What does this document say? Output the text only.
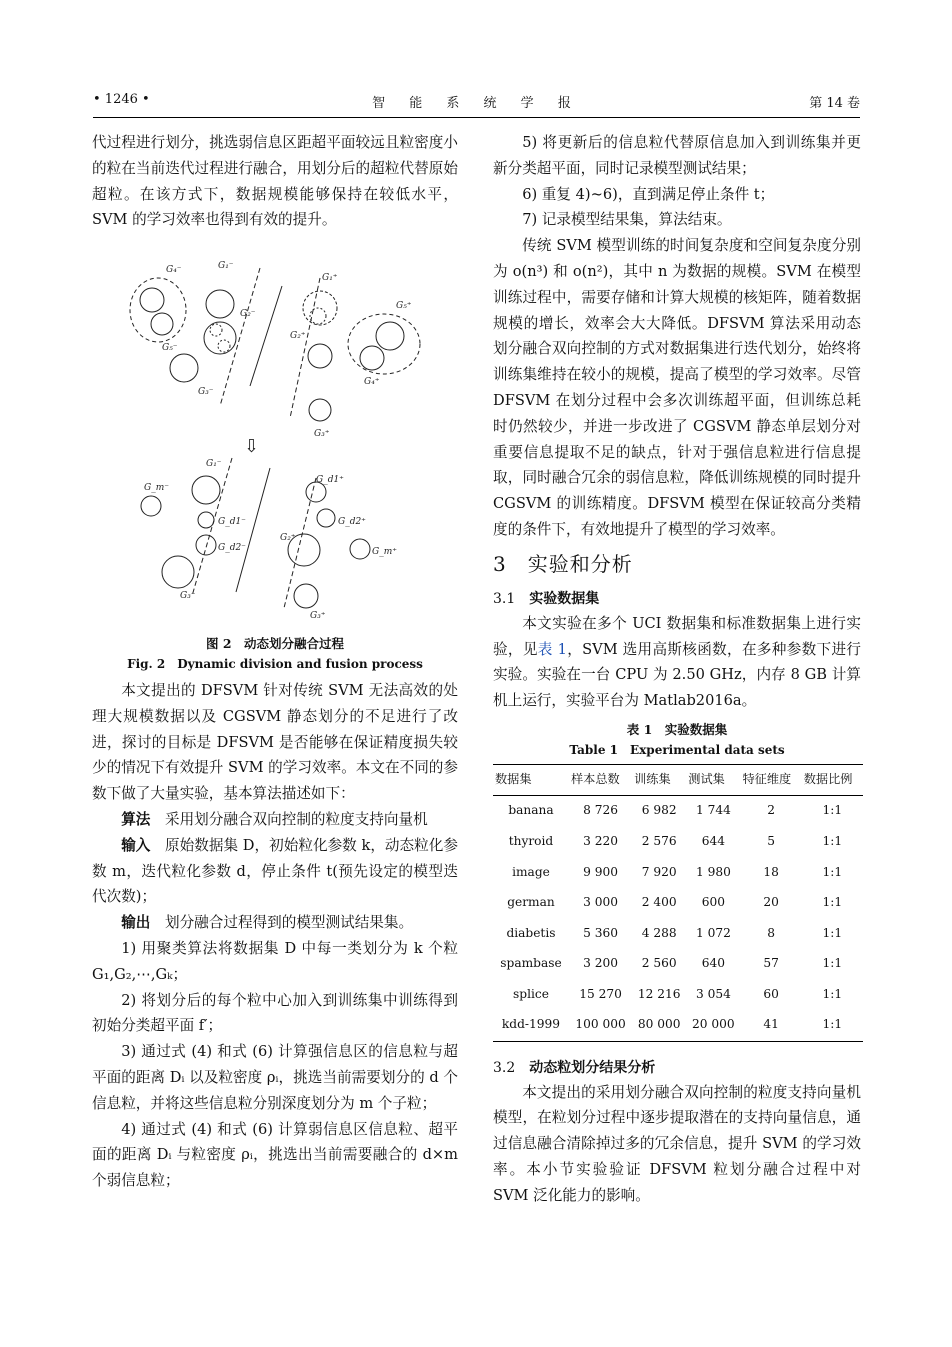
• 1246 •	智 能 系 统 学 报	第 14 卷

代过程进行划分，挑选弱信息区距超平面较远且粒密度小的粒在当前迭代过程进行融合，用划分后的超粒代替原始超粒。在该方式下，数据规模能够保持在较低水平，SVM 的学习效率也得到有效的提升。

G₄⁻	G₁⁻
G₁⁺
G₂⁻
G₅⁺
G₅⁻
G₂⁺
G₄⁺
G₃⁻
G₃⁺
⇩
G₁⁻
G_m⁻
G_d1⁺
G_d1⁻	G_d2⁺
G_d2⁻
G₂⁺
G_m⁺
G₃⁻
G₃⁺
图 2　动态划分融合过程
Fig. 2　Dynamic division and fusion process

本文提出的 DFSVM 针对传统 SVM 无法高效的处理大规模数据以及 CGSVM 静态划分的不足进行了改进，探讨的目标是 DFSVM 是否能够在保证精度损失较少的情况下有效提升 SVM 的学习效率。本文在不同的参数下做了大量实验，基本算法描述如下：

算法　采用划分融合双向控制的粒度支持向量机

输入　原始数据集 D，初始粒化参数 k，动态粒化参数 m，迭代粒化参数 d，停止条件 t(预先设定的模型迭代次数)；

输出　划分融合过程得到的模型测试结果集。

1) 用聚类算法将数据集 D 中每一类划分为 k 个粒 G₁,G₂,⋯,Gₖ；

2) 将划分后的每个粒中心加入到训练集中训练得到初始分类超平面 f′；

3) 通过式 (4) 和式 (6) 计算强信息区的信息粒与超平面的距离 Dᵢ 以及粒密度 ρᵢ，挑选当前需要划分的 d 个信息粒，并将这些信息粒分别深度划分为 m 个子粒；

4) 通过式 (4) 和式 (6) 计算弱信息区信息粒、超平面的距离 Dᵢ 与粒密度 ρᵢ，挑选出当前需要融合的 d×m 个弱信息粒；

5) 将更新后的信息粒代替原信息加入到训练集并更新分类超平面，同时记录模型测试结果；

6) 重复 4)~6)，直到满足停止条件 t；

7) 记录模型结果集，算法结束。

传统 SVM 模型训练的时间复杂度和空间复杂度分别为 o(n³) 和 o(n²)，其中 n 为数据的规模。SVM 在模型训练过程中，需要存储和计算大规模的核矩阵，随着数据规模的增长，效率会大大降低。DFSVM 算法采用动态划分融合双向控制的方式对数据集进行迭代划分，始终将训练集维持在较小的规模，提高了模型的学习效率。尽管 DFSVM 在划分过程中会多次训练超平面，但训练总耗时仍然较少，并进一步改进了 CGSVM 静态单层划分对重要信息提取不足的缺点，针对于强信息粒进行信息提取，同时融合冗余的弱信息粒，降低训练规模的同时提升 CGSVM 的训练精度。DFSVM 模型在保证较高分类精度的条件下，有效地提升了模型的学习效率。

3　实验和分析
3.1　 实验数据集

本文实验在多个 UCI 数据集和标准数据集上进行实验，见表 1，SVM 选用高斯核函数，在多种参数下进行实验。实验在一台 CPU 为 2.50 GHz，内存 8 GB 计算机上运行，实验平台为 Matlab2016a。

表 1　实验数据集
Table 1　Experimental data sets
数据集	样本总数	训练集	测试集	特征维度	数据比例
banana	8 726	6 982	1 744	2	1:1
thyroid	3 220	2 576	644	5	1:1
image	9 900	7 920	1 980	18	1:1
german	3 000	2 400	600	20	1:1
diabetis	5 360	4 288	1 072	8	1:1
spambase	3 200	2 560	640	57	1:1
splice	15 270	12 216	3 054	60	1:1
kdd-1999	100 000	80 000	20 000	41	1:1
3.2　 动态粒划分结果分析

本文提出的采用划分融合双向控制的粒度支持向量机模型，在粒划分过程中逐步提取潜在的支持向量信息，通过信息融合清除掉过多的冗余信息，提升 SVM 的学习效率。本小节实验验证 DFSVM 粒划分融合过程中对 SVM 泛化能力的影响。
